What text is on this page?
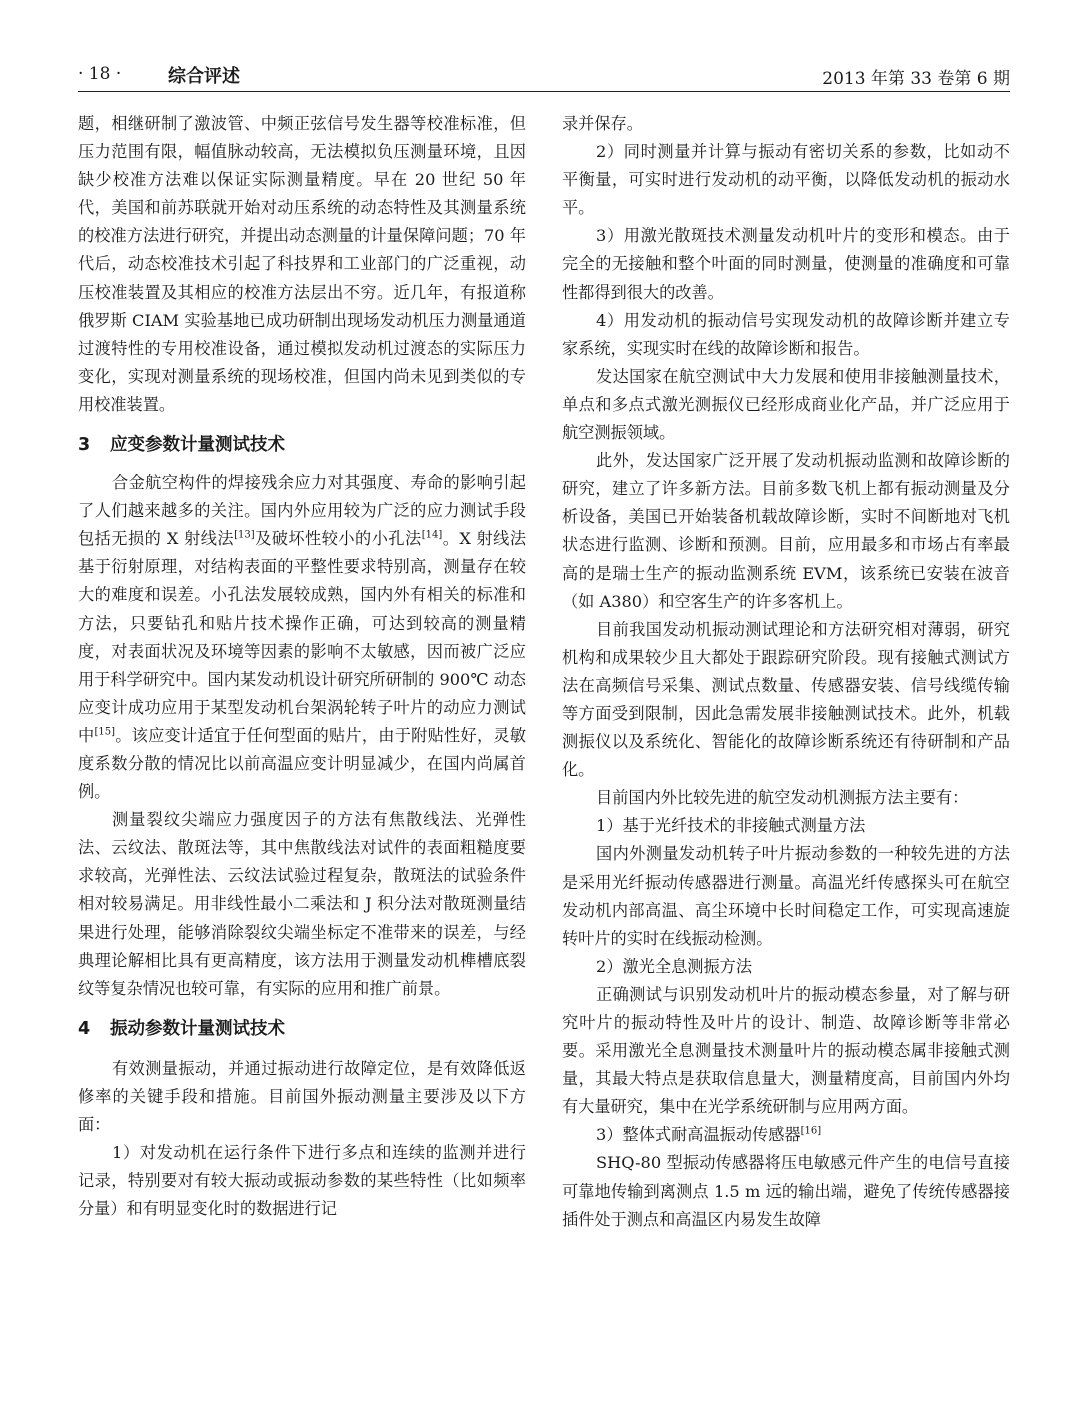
· 18 ·	综合评述	2013 年第 33 卷第 6 期

题，相继研制了激波管、中频正弦信号发生器等校准标准，但压力范围有限，幅值脉动较高，无法模拟负压测量环境，且因缺少校准方法难以保证实际测量精度。早在 20 世纪 50 年代，美国和前苏联就开始对动压系统的动态特性及其测量系统的校准方法进行研究，并提出动态测量的计量保障问题；70 年代后，动态校准技术引起了科技界和工业部门的广泛重视，动压校准装置及其相应的校准方法层出不穷。近几年，有报道称俄罗斯 CIAM 实验基地已成功研制出现场发动机压力测量通道过渡特性的专用校准设备，通过模拟发动机过渡态的实际压力变化，实现对测量系统的现场校准，但国内尚未见到类似的专用校准装置。

3 应变参数计量测试技术

合金航空构件的焊接残余应力对其强度、寿命的影响引起了人们越来越多的关注。国内外应用较为广泛的应力测试手段包括无损的 X 射线法[13]及破坏性较小的小孔法[14]。X 射线法基于衍射原理，对结构表面的平整性要求特别高，测量存在较大的难度和误差。小孔法发展较成熟，国内外有相关的标准和方法，只要钻孔和贴片技术操作正确，可达到较高的测量精度，对表面状况及环境等因素的影响不太敏感，因而被广泛应用于科学研究中。国内某发动机设计研究所研制的 900℃ 动态应变计成功应用于某型发动机台架涡轮转子叶片的动应力测试中[15]。该应变计适宜于任何型面的贴片，由于附贴性好，灵敏度系数分散的情况比以前高温应变计明显减少，在国内尚属首例。

测量裂纹尖端应力强度因子的方法有焦散线法、光弹性法、云纹法、散斑法等，其中焦散线法对试件的表面粗糙度要求较高，光弹性法、云纹法试验过程复杂，散斑法的试验条件相对较易满足。用非线性最小二乘法和 J 积分法对散斑测量结果进行处理，能够消除裂纹尖端坐标定不准带来的误差，与经典理论解相比具有更高精度，该方法用于测量发动机榫槽底裂纹等复杂情况也较可靠，有实际的应用和推广前景。

4 振动参数计量测试技术

有效测量振动，并通过振动进行故障定位，是有效降低返修率的关键手段和措施。目前国外振动测量主要涉及以下方面：

1）对发动机在运行条件下进行多点和连续的监测并进行记录，特别要对有较大振动或振动参数的某些特性（比如频率分量）和有明显变化时的数据进行记

录并保存。

2）同时测量并计算与振动有密切关系的参数，比如动不平衡量，可实时进行发动机的动平衡，以降低发动机的振动水平。

3）用激光散斑技术测量发动机叶片的变形和模态。由于完全的无接触和整个叶面的同时测量，使测量的准确度和可靠性都得到很大的改善。

4）用发动机的振动信号实现发动机的故障诊断并建立专家系统，实现实时在线的故障诊断和报告。

发达国家在航空测试中大力发展和使用非接触测量技术，单点和多点式激光测振仪已经形成商业化产品，并广泛应用于航空测振领域。

此外，发达国家广泛开展了发动机振动监测和故障诊断的研究，建立了许多新方法。目前多数飞机上都有振动测量及分析设备，美国已开始装备机载故障诊断，实时不间断地对飞机状态进行监测、诊断和预测。目前，应用最多和市场占有率最高的是瑞士生产的振动监测系统 EVM，该系统已安装在波音（如 A380）和空客生产的许多客机上。

目前我国发动机振动测试理论和方法研究相对薄弱，研究机构和成果较少且大都处于跟踪研究阶段。现有接触式测试方法在高频信号采集、测试点数量、传感器安装、信号线缆传输等方面受到限制，因此急需发展非接触测试技术。此外，机载测振仪以及系统化、智能化的故障诊断系统还有待研制和产品化。

目前国内外比较先进的航空发动机测振方法主要有：

1）基于光纤技术的非接触式测量方法

国内外测量发动机转子叶片振动参数的一种较先进的方法是采用光纤振动传感器进行测量。高温光纤传感探头可在航空发动机内部高温、高尘环境中长时间稳定工作，可实现高速旋转叶片的实时在线振动检测。

2）激光全息测振方法

正确测试与识别发动机叶片的振动模态参量，对了解与研究叶片的振动特性及叶片的设计、制造、故障诊断等非常必要。采用激光全息测量技术测量叶片的振动模态属非接触式测量，其最大特点是获取信息量大，测量精度高，目前国内外均有大量研究，集中在光学系统研制与应用两方面。

3）整体式耐高温振动传感器[16]

SHQ-80 型振动传感器将压电敏感元件产生的电信号直接可靠地传输到离测点 1.5 m 远的输出端，避免了传统传感器接插件处于测点和高温区内易发生故障
